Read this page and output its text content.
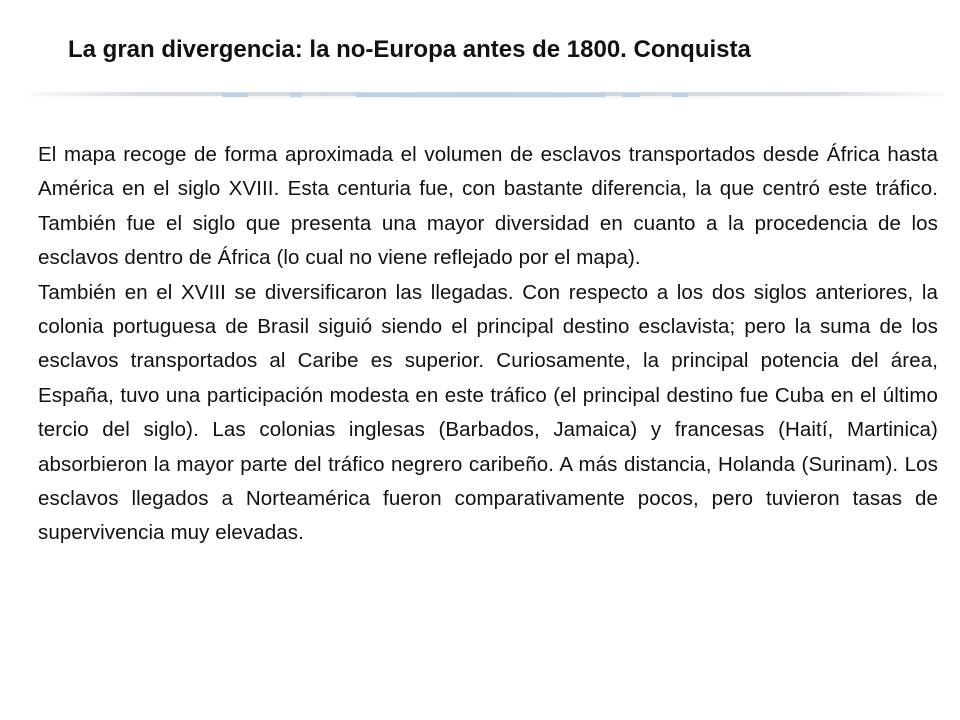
La gran divergencia: la no-Europa antes de 1800. Conquista

El mapa recoge de forma aproximada el volumen de esclavos transportados desde África hasta América en el siglo XVIII. Esta centuria fue, con bastante diferencia, la que centró este tráfico. También fue el siglo que presenta una mayor diversidad en cuanto a la procedencia de los esclavos dentro de África (lo cual no viene reflejado por el mapa).

También en el XVIII se diversificaron las llegadas. Con respecto a los dos siglos anteriores, la colonia portuguesa de Brasil siguió siendo el principal destino esclavista; pero la suma de los esclavos transportados al Caribe es superior. Curiosamente, la principal potencia del área, España, tuvo una participación modesta en este tráfico (el principal destino fue Cuba en el último tercio del siglo). Las colonias inglesas (Barbados, Jamaica) y francesas (Haití, Martinica) absorbieron la mayor parte del tráfico negrero caribeño. A más distancia, Holanda (Surinam). Los esclavos llegados a Norteamérica fueron comparativamente pocos, pero tuvieron tasas de supervivencia muy elevadas.
